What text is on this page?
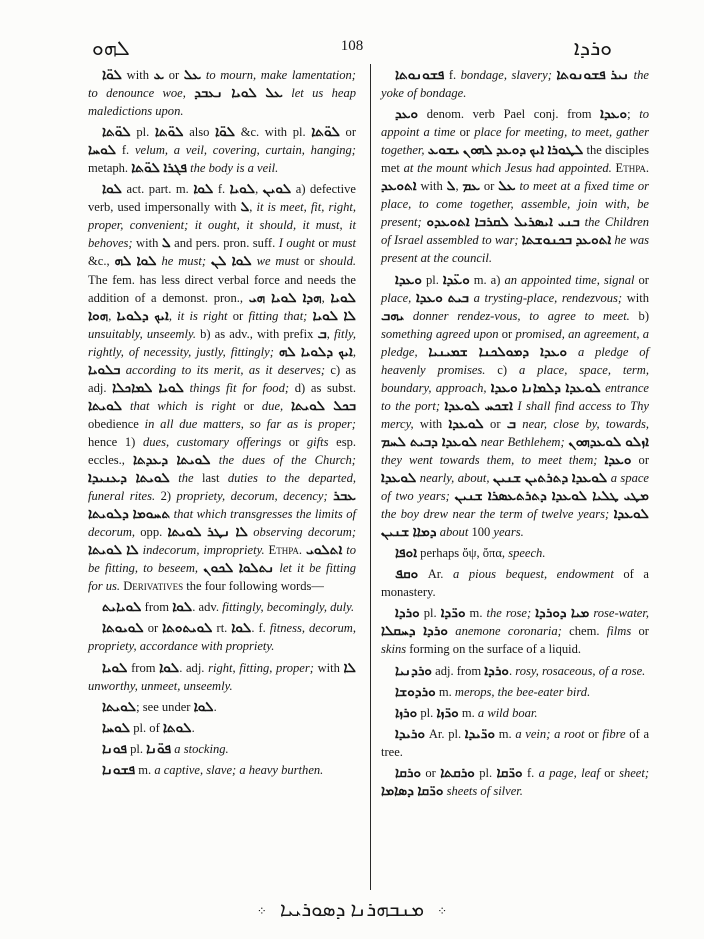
ܠܗܘ	108	ܘܪܕܐ

ܠܘ̈ܐ with ܥ or ܥܠ to mourn, make lamentation; to denounce woe, ܥܠ ܠܘܝܐ ܢܥܒܕ let us heap maledictions upon.

ܠܘ̈ܬܐ pl. ܠܘ̈ܬܐ also ܠܘ̈ܐ &c. with pl. ܠܘ̈ܬܐ or ܠܘܚܐ f. velum, a veil, covering, curtain, hanging; metaph. ܦܓܪܐ ܠܘ̈ܬܐ the body is a veil.

ܠܘܐ act. part. m. ܠܘܐ f. ܠܘܝܐ, ܠܘܝܢ a) defective verb, used impersonally with ܠ, it is meet, fit, right, proper, convenient; it ought, it should, it must, it behoves; with ܠ and pers. pron. suff. I ought or must &c., ܠܘܐ ܠܗ he must; ܠܘܐ ܠܢ we must or should. The fem. has less direct verbal force and needs the addition of a demonst. pron., ܗܕܐ ܠܘܝܐ ܗܝ, ܠܘܝܐ ܗܘܐ, ܐܝܟ ܕܠܘܝܐ, it is right or fitting that; ܠܐ ܠܘܝܐ unsuitably, unseemly. b) as adv., with prefix ܒ, fitly, rightly, of necessity, justly, fittingly; ܐܝܟ ܕܠܘܝܐ ܠܗ, ܒܠܘܝܐ according to its merit, as it deserves; c) as adj. ܠܘܝܐ ܠܡܐܟܠܐ things fit for food; d) as subst. ܠܘܝܬܐ that which is right or due, ܒܟܠ ܠܘܝܬܐ obedience in all due matters, so far as is proper; hence 1) dues, customary offerings or gifts esp. eccles., ܠܘܝܬܐ ܕܥܕܬܐ the dues of the Church; ܠܘܝܬܐ ܕܥܢܝܕܐ the last duties to the departed, funeral rites. 2) propriety, decorum, decency; ܥܒܪ ܬܚܘܡܐ ܕܠܘܝܬܐ that which transgresses the limits of decorum, opp. ܠܐ ܢܛܪ ܠܘܝܬܐ observing decorum; ܠܐ ܠܘܝܬܐ indecorum, impropriety. Ethpa. ܐܬܠܘܝ to be fitting, to beseem, ܢܬܠܘܐ ܠܟܘܢ let it be fitting for us. Derivatives the four following words—

ܠܘܝܐܝܬ from ܠܘܐ. adv. fittingly, becomingly, duly.

ܠܘܝܘܬܐ or ܠܘܝܬܘܬܐ rt. ܠܘܐ. f. fitness, decorum, propriety, accordance with propriety.

ܠܘܝܐ from ܠܘܐ. adj. right, fitting, proper; with ܠܐ unworthy, unmeet, unseemly.

ܠܘܝܬܐ; see under ܠܘܐ.

ܠܘܚܐ pl. of ܠܘܬܐ.

ܦܘܢܐ pl. ܦܘ̈ܢܐ a stocking.

ܦܫܘܢܐ m. a captive, slave; a heavy burthen.

ܦܫܘܢܘܬܐ f. bondage, slavery; ܢܝܪ ܦܫܘܢܘܬܐ the yoke of bondage.

ܘܥܕ denom. verb Pael conj. from ܘܥܕܐ; to appoint a time or place for meeting, to meet, gather together, ܠܛܘܪܐ ܐܝܟ ܕܘܥܕ ܠܗܘܢ ܝܫܘܥ the disciples met at the mount which Jesus had appointed. Ethpa. ܐܬܘܥܕ with ܠ, ܥܡ or ܥܠ to meet at a fixed time or place, to come together, assemble, join with, be present; ܐܬܘܥܕܘ ܒܢܝ ܐܝܣܪܝܠ ܠܩܪܒܐ the Children of Israel assembled to war; ܐܬܘܥܕ ܒܟܢܘܫܬܐ he was present at the council.

ܘܥܕܐ pl. ܘܥ̈ܕܐ m. a) an appointed time, signal or place, ܒܝܬ ܘܥܕܐ a trysting-place, rendezvous; with ܝܗܒ donner rendez-vous, to agree to meet. b) something agreed upon or promised, an agreement, a pledge, ܘܥܕܐ ܕܡܘܠܟܢܐ ܫܡܝܢܝܐ a pledge of heavenly promises. c) a place, space, term, boundary, approach, ܘܥܕܐ ܠܘܥܕܐ ܕܠܡܐܢܐ entrance to the port; ܐܫܟܚ ܠܘܥܕܐ I shall find access to Thy mercy, with ܠܘܥܕܐ or ܒ near, close by, towards, ܠܘܥܕܐ ܕܒܝܬ ܠܚܡ near Bethlehem; ܐܙܠܘ ܠܘܥܕܗܘܢ they went towards them, to meet them; ܘܥܕܐ or ܠܘܥܕܐ nearly, about, ܠܘܥܕܐ ܕܬܪܬܝܢ ܫܢܝܢ a space of two years; ܡܛܝ ܛܠܝܐ ܠܘܥܕܐ ܕܬܪܬܥܣܪܐ ܫܢܝܢ the boy drew near the term of twelve years; ܠܘܥܕܐ ܕܡܐܐ ܫܢܝܢ about 100 years.

ܐܘܦܐ perhaps ὄψ, ὄπα, speech.

ܘܩܦ Ar. a pious bequest, endowment of a monastery.

ܘܪܕܐ pl. ܘܪ̈ܕܐ m. the rose; ܡܝܐ ܕܘܪܕܐ rose-water, ܘܪܕܐ ܕܚܩܠܐ anemone coronaria; chem. films or skins forming on the surface of a liquid.

ܘܪܕܢܝܐ adj. from ܘܪܕܐ. rosy, rosaceous, of a rose.

ܘܪܕܘܫܐ m. merops, the bee-eater bird.

ܘܪܙܐ pl. ܘܪ̈ܙܐ m. a wild boar.

ܘܪܝܕܐ Ar. pl. ܘܪ̈ܝܕܐ m. a vein; a root or fibre of a tree.

ܘܪܩܐ or ܘܪܩܬܐ pl. ܘܪ̈ܩܐ f. a page, leaf or sheet; ܘܪ̈ܩܐ ܕܣܐܡܐ sheets of silver.

⁘ ܡܢܒܗܪܢܐ ܕܣܘܪܝܝܐ ⁘
